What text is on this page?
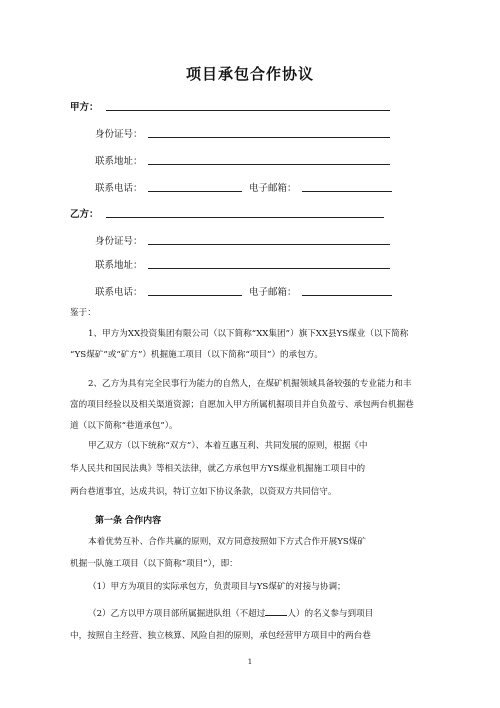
项目承包合作协议
甲方：
身份证号：
联系地址：
联系电话：	电子邮箱：
乙方：
身份证号：
联系地址：
联系电话：	电子邮箱：
鉴于：
1、甲方为XX投资集团有限公司（以下简称“XX集团”）旗下XX县YS煤业（以下简称
“YS煤矿”或“矿方”）机掘施工项目（以下简称“项目”）的承包方。
2、乙方为具有完全民事行为能力的自然人，在煤矿机掘领域具备较强的专业能力和丰
富的项目经验以及相关渠道资源；自愿加入甲方所属机掘项目并自负盈亏、承包两台机掘巷
道（以下简称“巷道承包”）。
甲乙双方（以下统称“双方”）、本着互惠互利、共同发展的原则，根据《中
华人民共和国民法典》等相关法律，就乙方承包甲方YS煤业机掘施工项目中的
两台巷道事宜，达成共识，特订立如下协议条款，以资双方共同信守。
第一条 合作内容
本着优势互补、合作共赢的原则，双方同意按照如下方式合作开展YS煤矿
机掘一队施工项目（以下简称“项目”），即：
（1）甲方为项目的实际承包方，负责项目与YS煤矿的对接与协调；
（2）乙方以甲方项目部所属掘进队组（不超过	人）的名义参与到项目
中，按照自主经营、独立核算、风险自担的原则，承包经营甲方项目中的两台巷
1
